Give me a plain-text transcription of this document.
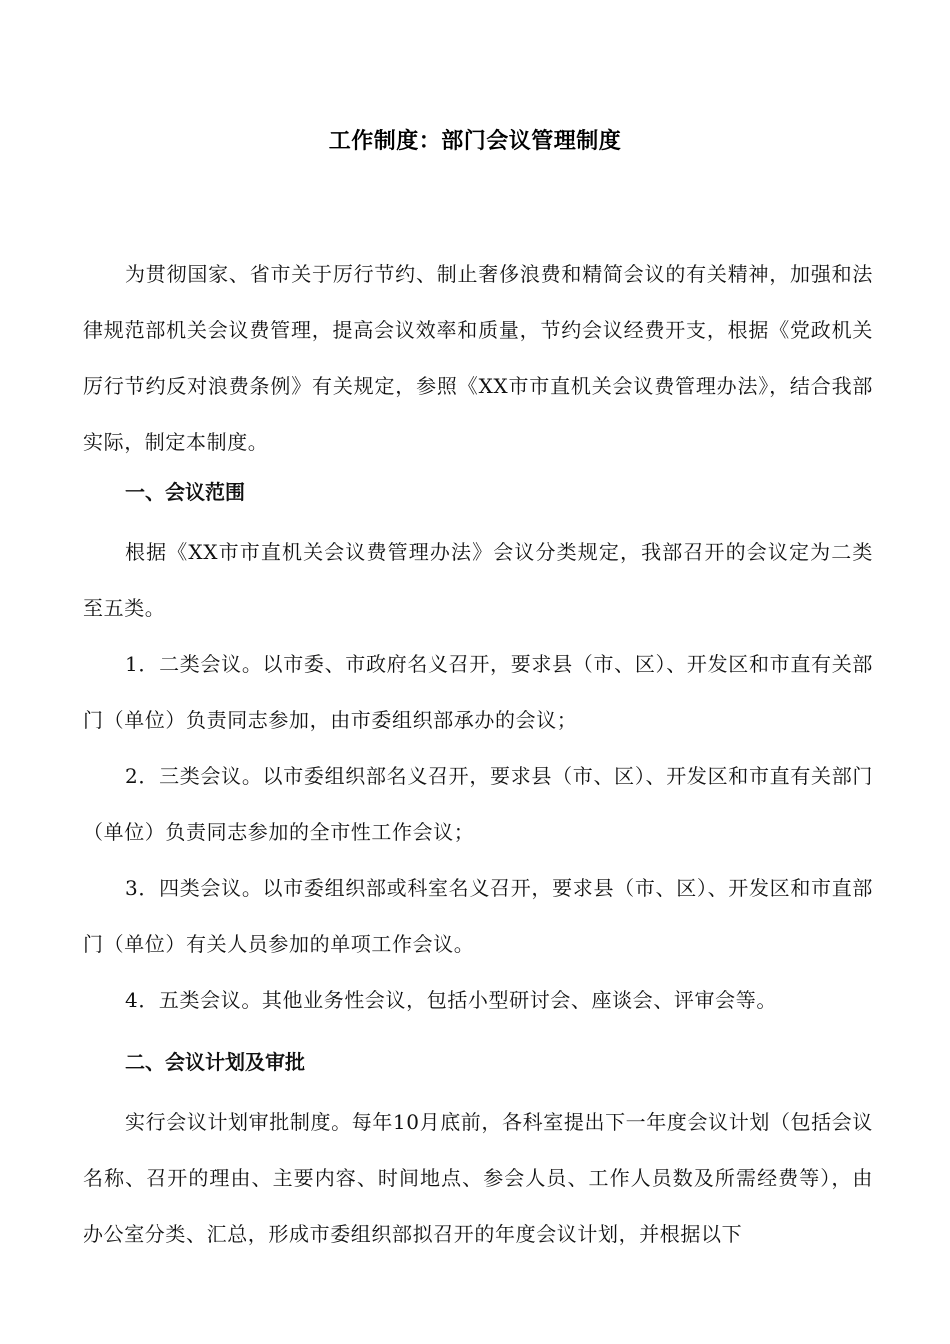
工作制度：部门会议管理制度

为贯彻国家、省市关于厉行节约、制止奢侈浪费和精简会议的有关精神，加强和法律规范部机关会议费管理，提高会议效率和质量，节约会议经费开支，根据《党政机关厉行节约反对浪费条例》有关规定，参照《XX市市直机关会议费管理办法》，结合我部实际，制定本制度。

一、会议范围

根据《XX市市直机关会议费管理办法》会议分类规定，我部召开的会议定为二类至五类。

1．二类会议。以市委、市政府名义召开，要求县（市、区）、开发区和市直有关部门（单位）负责同志参加，由市委组织部承办的会议；

2．三类会议。以市委组织部名义召开，要求县（市、区）、开发区和市直有关部门（单位）负责同志参加的全市性工作会议；

3．四类会议。以市委组织部或科室名义召开，要求县（市、区）、开发区和市直部门（单位）有关人员参加的单项工作会议。

4．五类会议。其他业务性会议，包括小型研讨会、座谈会、评审会等。

二、会议计划及审批

实行会议计划审批制度。每年10月底前，各科室提出下一年度会议计划（包括会议名称、召开的理由、主要内容、时间地点、参会人员、工作人员数及所需经费等），由办公室分类、汇总，形成市委组织部拟召开的年度会议计划，并根据以下
